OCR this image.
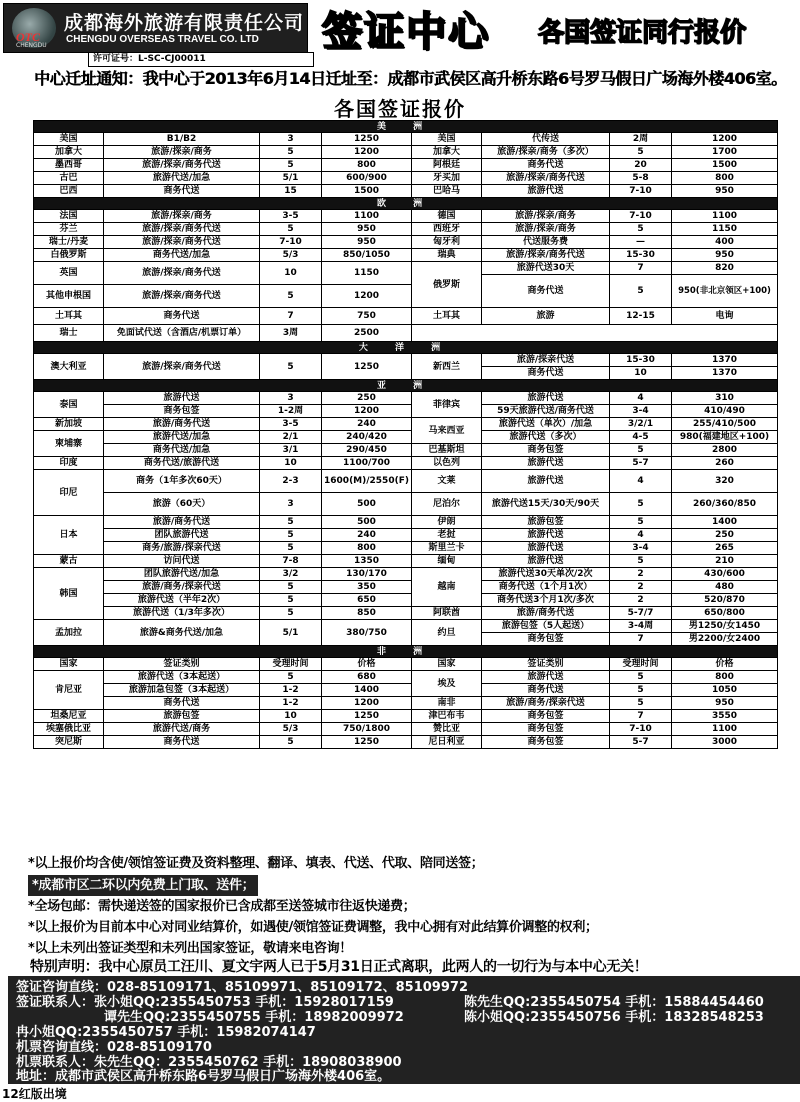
OTC
CHENGDU
成都海外旅游有限责任公司
CHENGDU OVERSEAS TRAVEL CO. LTD 签证中心 各国签证同行报价
许可证号：L-SC-CJ00011
中心迁址通知：我中心于2013年6月14日迁址至：成都市武侯区高升桥东路6号罗马假日广场海外楼406室。
各国签证报价
美 洲							
美国	B1/B2	3	1250	美国	代传送	2周	1200
加拿大	旅游/探亲/商务	5	1200	加拿大	旅游/探亲/商务（多次）	5	1700
墨西哥	旅游/探亲/商务代送	5	800	阿根廷	商务代送	20	1500
古巴	旅游代送/加急	5/1	600/900	牙买加	旅游/探亲/商务代送	5-8	800
巴西	商务代送	15	1500	巴哈马	旅游代送	7-10	950
欧 洲							
法国	旅游/探亲/商务	3-5	1100	德国	旅游/探亲/商务	7-10	1100
芬兰	旅游/探亲/商务代送	5	950	西班牙	旅游/探亲/商务	5	1150
瑞士/丹麦	旅游/探亲/商务代送	7-10	950	匈牙利	代送服务费	—	400
白俄罗斯	商务代送/加急	5/3	850/1050	瑞典	旅游/探亲/商务代送	15-30	950
英国	旅游/探亲/商务代送	10	1150	俄罗斯	旅游代送30天	7	820
					商务代送	5	950(非北京领区+100)
其他申根国	旅游/探亲/商务代送	5	1200				

土耳其	商务代送	7	750	土耳其	旅游	12-15	电询
瑞士	免面试代送（含酒店/机票订单）	3周	2500				
大 洋 洲							
澳大利亚	旅游/探亲/商务代送	5	1250	新西兰	旅游/探亲代送	15-30	1370
					商务代送	10	1370
亚 洲							
泰国	旅游代送	3	250	菲律宾	旅游代送	4	310
	商务包签	1-2周	1200		59天旅游代送/商务代送	3-4	410/490
新加坡	旅游/商务代送	3-5	240	马来西亚	旅游代送（单次）/加急	3/2/1	255/410/500
柬埔寨	旅游代送/加急	2/1	240/420		旅游代送（多次）	4-5	980(福建地区+100)
	商务代送/加急	3/1	290/450	巴基斯坦	商务包签	5	2800
印度	商务代送/旅游代送	10	1100/700	以色列	旅游代送	5-7	260
印尼	商务（1年多次60天）	2-3	1600(M)/2550(F)	文莱	旅游代送	4	320
	旅游（60天）	3	500	尼泊尔	旅游代送15天/30天/90天	5	260/360/850
日本	旅游/商务代送	5	500	伊朗	旅游包签	5	1400
	团队旅游代送	5	240	老挝	旅游代送	4	250
	商务/旅游/探亲代送	5	800	斯里兰卡	旅游代送	3-4	265
蒙古	访问代送	7-8	1350	缅甸	旅游代送	5	210
韩国	团队旅游代送/加急	3/2	130/170	越南	旅游代送30天单次/2次	2	430/600
	旅游/商务/探亲代送	5	350		商务代送（1个月1次）	2	480
	旅游代送（半年2次）	5	650		商务代送3个月1次/多次	2	520/870
	旅游代送（1/3年多次）	5	850	阿联酋	旅游/商务代送	5-7/7	650/800
孟加拉	旅游&商务代送/加急	5/1	380/750	约旦	旅游包签（5人起送）	3-4周	男1250/女1450
					商务包签	7	男2200/女2400
非 洲							
国家	签证类别	受理时间	价格	国家	签证类别	受理时间	价格
肯尼亚	旅游代送（3本起送）	5	680	埃及	旅游代送	5	800
	旅游加急包签（3本起送）	1-2	1400		商务代送	5	1050
	商务代送	1-2	1200	南非	旅游/商务/探亲代送	5	950
坦桑尼亚	旅游包签	10	1250	津巴布韦	商务包签	7	3550
埃塞俄比亚	旅游代送/商务	5/3	750/1800	赞比亚	商务包签	7-10	1100
突尼斯	商务代送	5	1250	尼日利亚	商务包签	5-7	3000
*以上报价均含使/领馆签证费及资料整理、翻译、填表、代送、代取、陪同送签；
*成都市区二环以内免费上门取、送件；
*全场包邮：需快递送签的国家报价已含成都至送签城市往返快递费；
*以上报价为目前本中心对同业结算价，如遇使/领馆签证费调整，我中心拥有对此结算价调整的权利；
*以上未列出签证类型和未列出国家签证，敬请来电咨询！
特别声明：我中心原员工汪川、夏文宇两人已于5月31日正式离职，此两人的一切行为与本中心无关！
签证咨询直线：028-85109171、85109971、85109172、85109972
签证联系人：张小姐QQ:2355450753 手机：15928017159	陈先生QQ:2355450754 手机：15884454460
谭先生QQ:2355450755 手机：18982009972	陈小姐QQ:2355450756 手机：18328548253
冉小姐QQ:2355450757 手机：15982074147
机票咨询直线：028-85109170
机票联系人：朱先生QQ：2355450762 手机：18908038900
地址：成都市武侯区高升桥东路6号罗马假日广场海外楼406室。
12红版出境
